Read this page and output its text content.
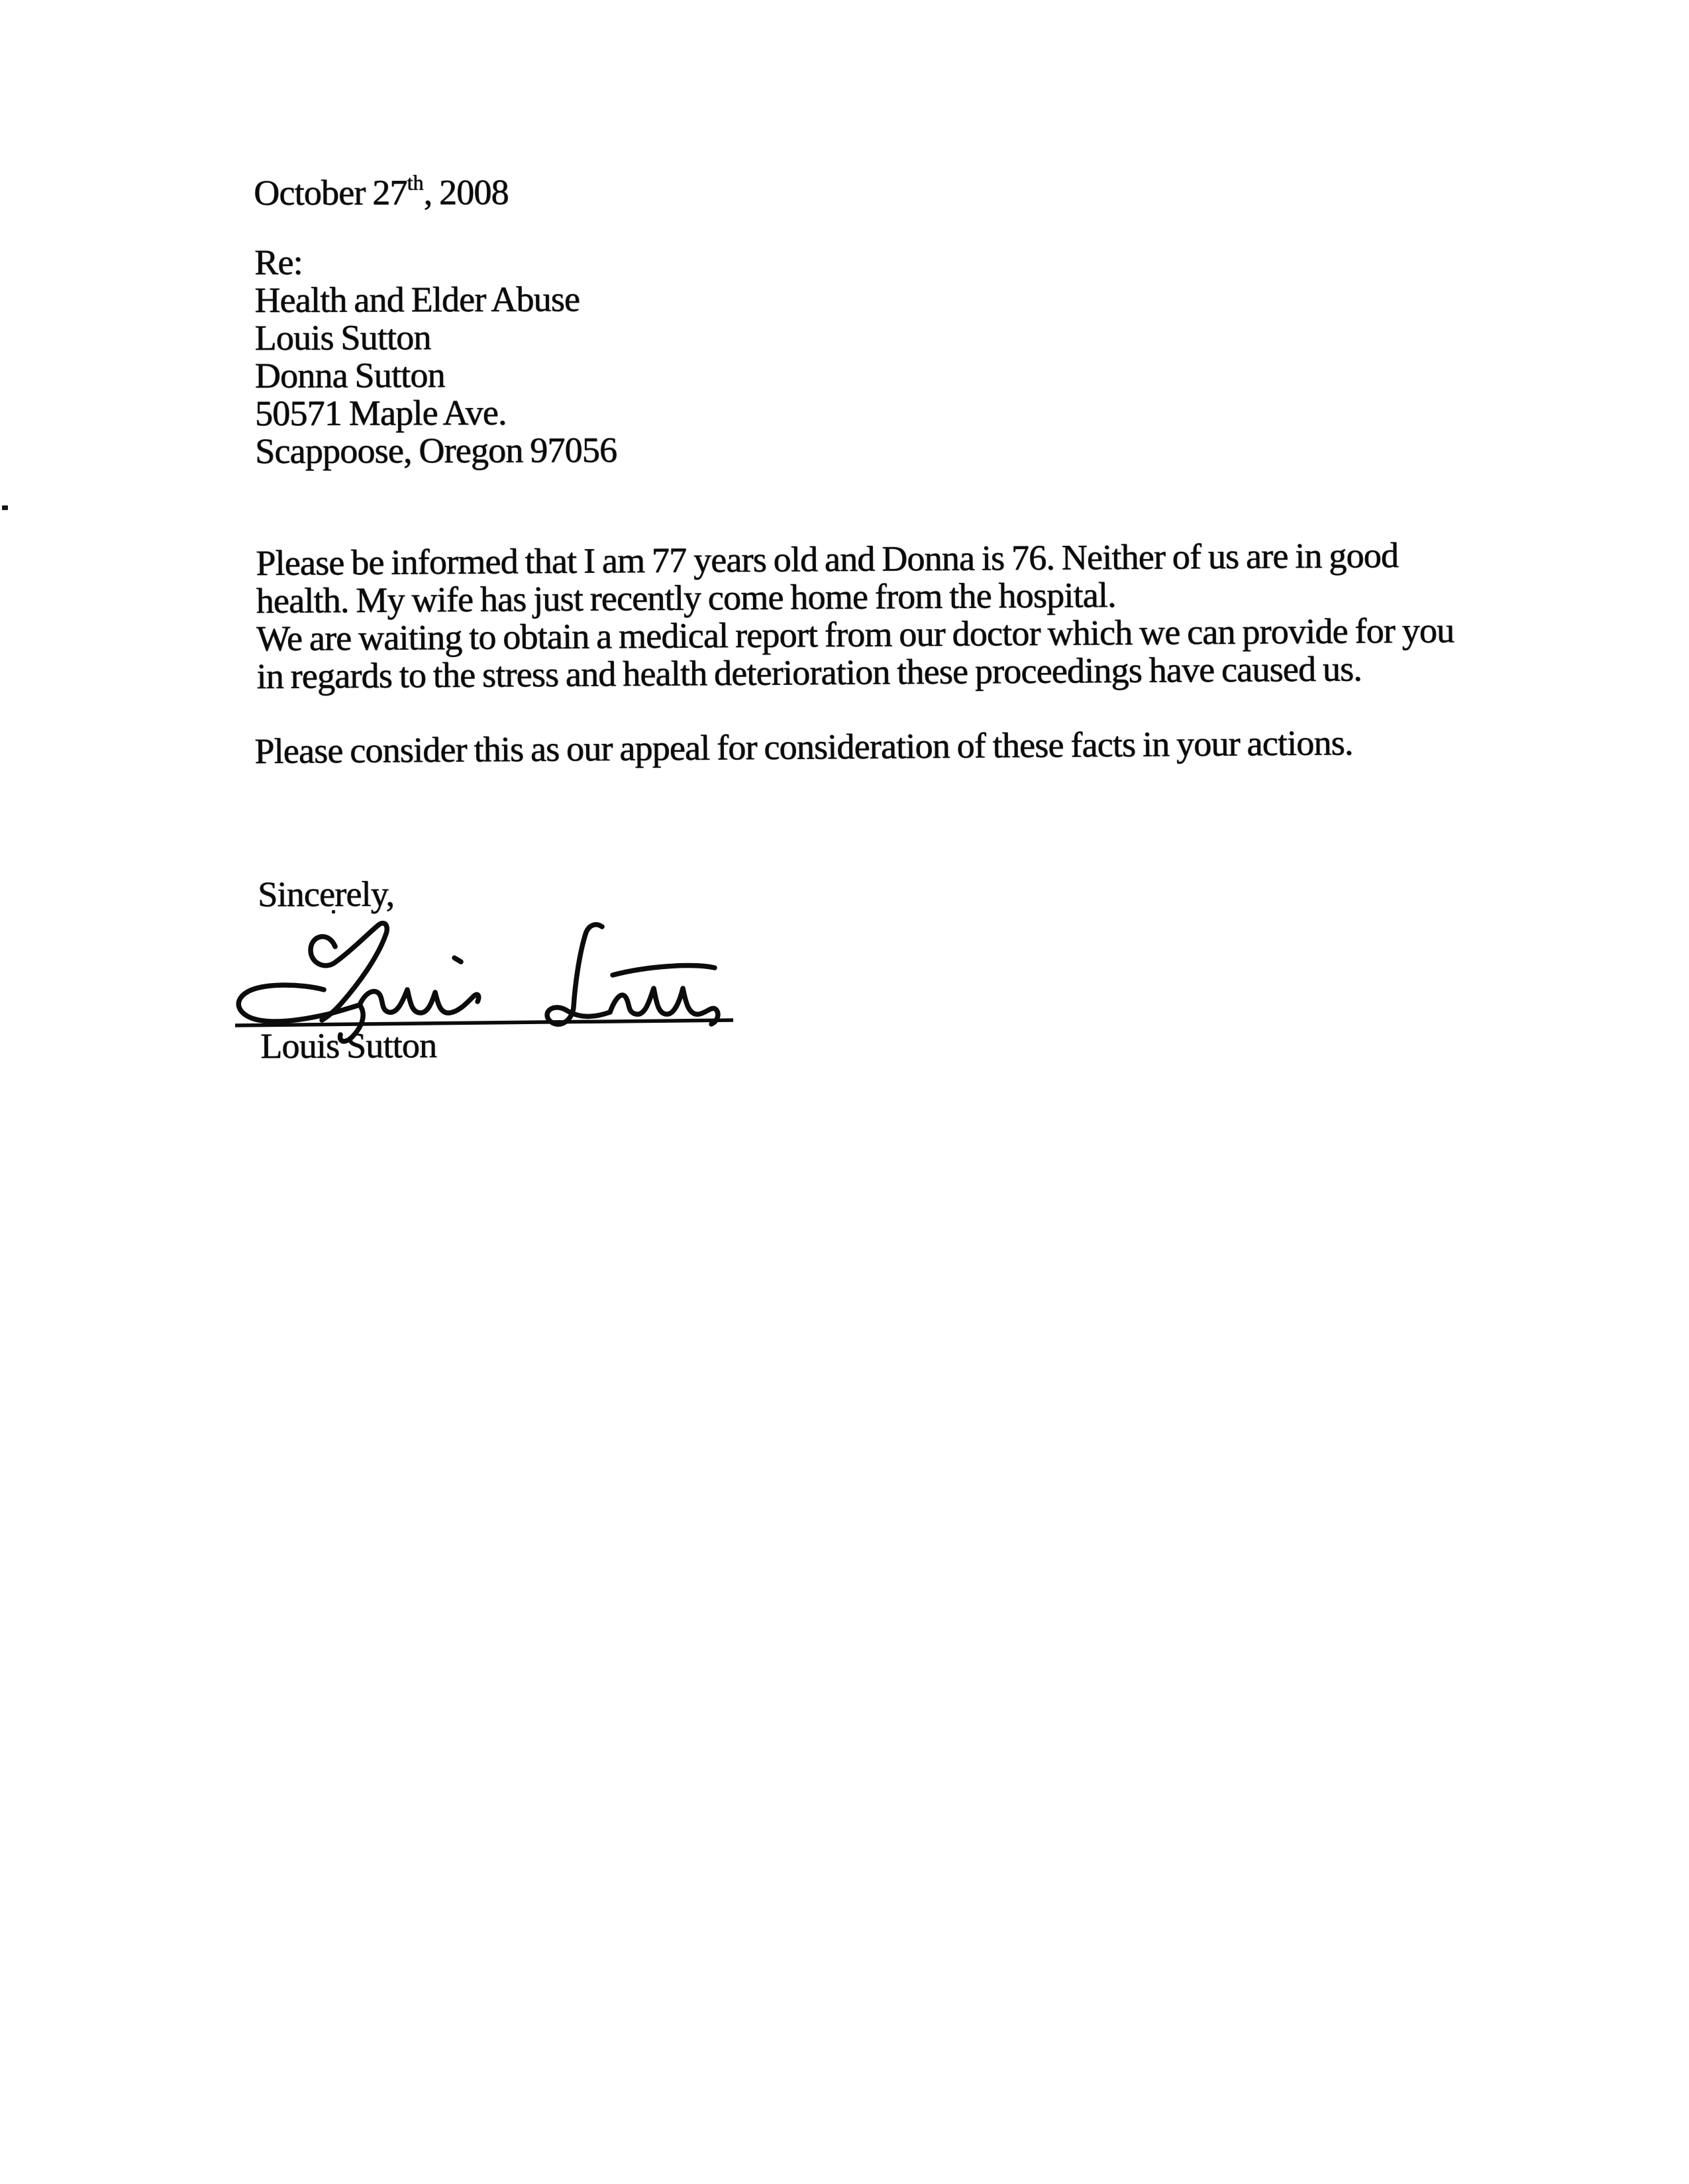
October 27th, 2008
Re:
Health and Elder Abuse
Louis Sutton
Donna Sutton
50571 Maple Ave.
Scappoose, Oregon 97056
Please be informed that I am 77 years old and Donna is 76. Neither of us are in good
health. My wife has just recently come home from the hospital.
We are waiting to obtain a medical report from our doctor which we can provide for you
in regards to the stress and health deterioration these proceedings have caused us.
Please consider this as our appeal for consideration of these facts in your actions.
Sincerely,
Louis Sutton
